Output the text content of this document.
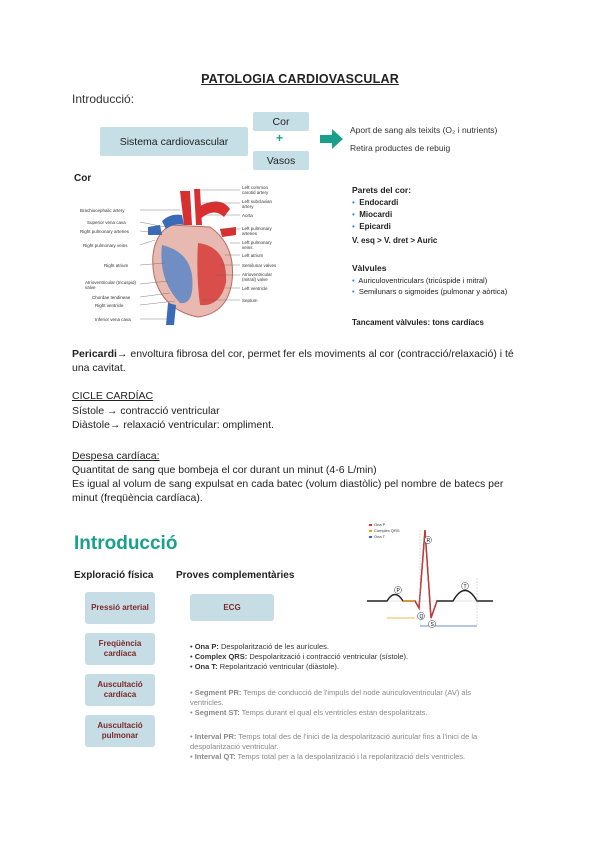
PATOLOGIA CARDIOVASCULAR
Introducció:
Sistema cardiovascular
Cor
+
Vasos
Aport de sang als teixits (O₂ i nutrients)
Retira productes de rebuig
Cor
Brachiocephalic artery
Superior vena cava
Right pulmonary arteries
Right pulmonary veins
Right atrium
Atrioventricular (tricuspid) valve
Chordae tendineae
Right ventricle
Inferior vena cava
Left common carotid artery
Left subclavian artery
Aorta
Left pulmonary arteries
Left pulmonary veins
Left atrium
Semilunar valves
Atrioventricular (mitral) valve
Left ventricle
Septum
Parets del cor:
• Endocardi
• Miocardi
• Epicardi
V. esq > V. dret > Auric
Vàlvules
• Auriculoventriculars (tricúspide i mitral)
• Semilunars o sigmoides (pulmonar y aòrtica)
Tancament vàlvules: tons cardíacs
Pericardi→ envoltura fibrosa del cor, permet fer els moviments al cor (contracció/relaxació) i té una cavitat.
CICLE CARDÍAC
Sístole → contracció ventricular
Diàstole→ relaxació ventricular: ompliment.
Despesa cardíaca:
Quantitat de sang que bombeja el cor durant un minut (4-6 L/min)
Es igual al volum de sang expulsat en cada batec (volum diastòlic) pel nombre de batecs per minut (freqüència cardíaca).
Introducció
Exploració física Proves complementàries
Pressió arterial
Freqüència cardíaca
Auscultació cardíaca
Auscultació pulmonar
ECG
Ona P
Complex QRS
Ona T
R
P
Q
S
T
• Ona P: Despolarització de les aurícules.
• Complex QRS: Despolarització i contracció ventricular (sístole).
• Ona T: Repolarització ventricular (diàstole).
• Segment PR: Temps de conducció de l'impuls del node auriculoventricular (AV) als ventricles.
• Segment ST: Temps durant el qual els ventricles estan despolaritzats.
• Interval PR: Temps total des de l'inici de la despolarització auricular fins a l'inici de la despolarització ventricular.
• Interval QT: Temps total per a la despolarització i la repolarització dels ventricles.
